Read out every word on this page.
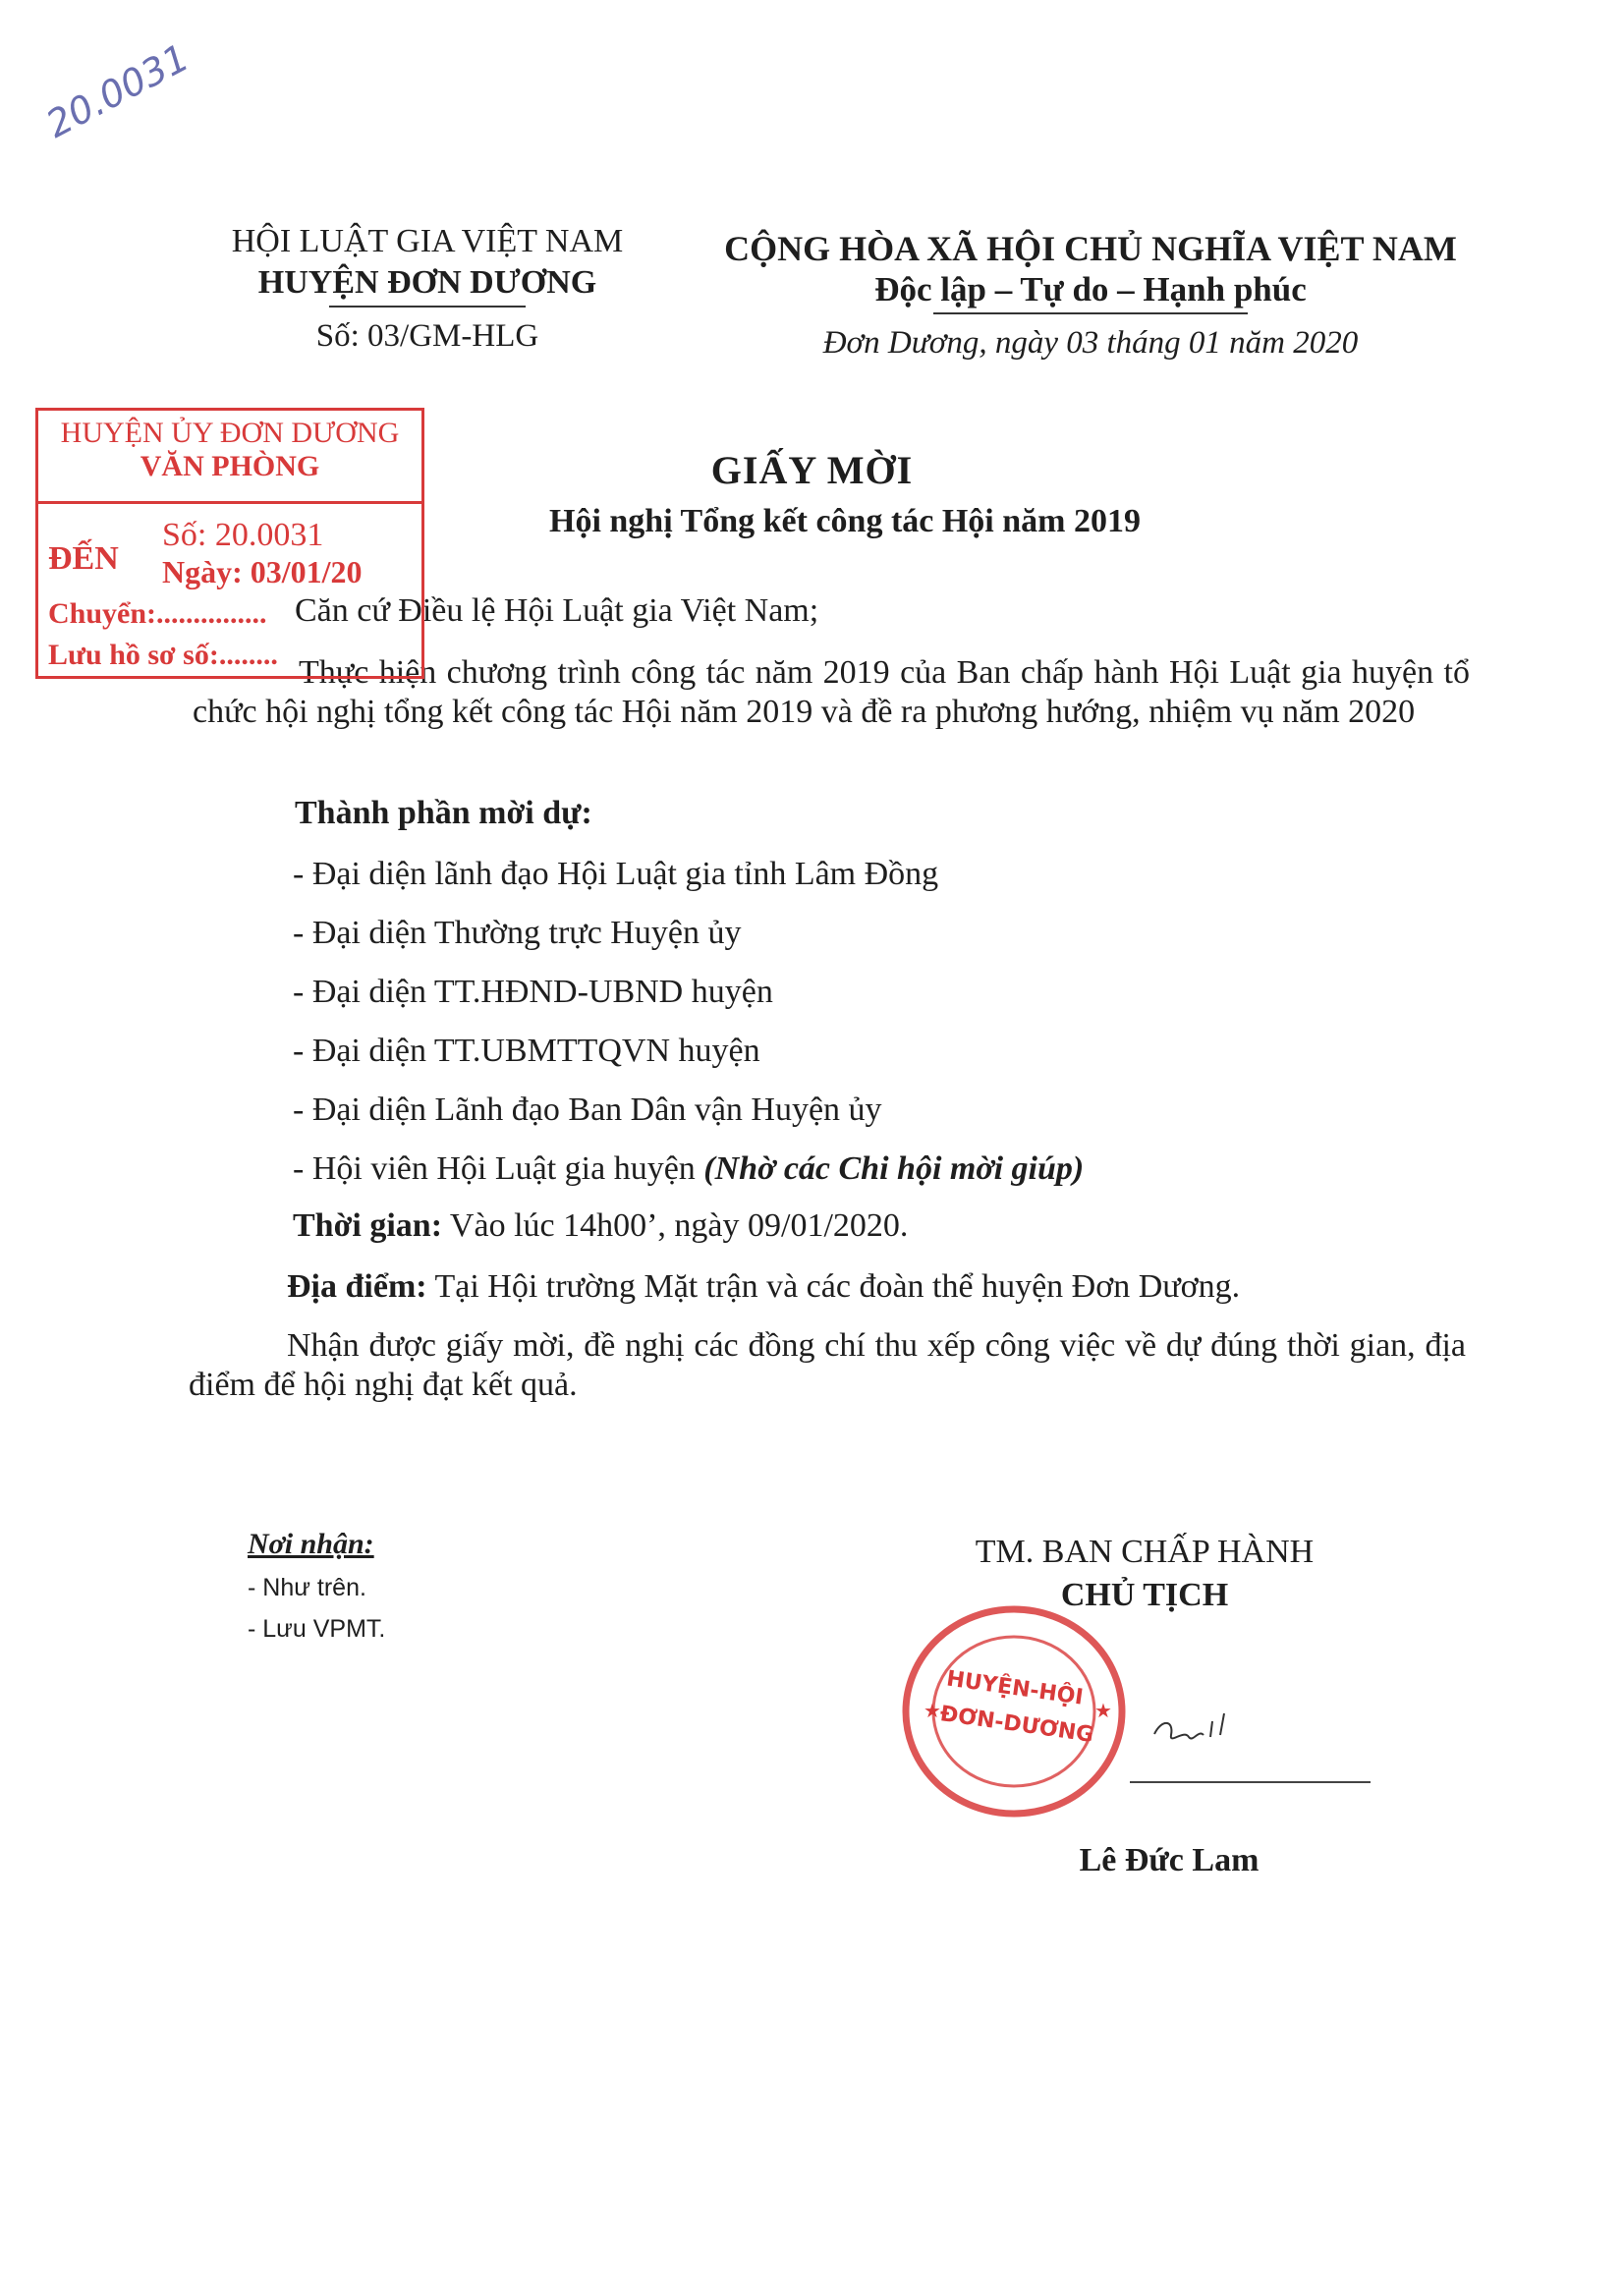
20.0031
HỘI LUẬT GIA VIỆT NAM
HUYỆN ĐƠN DƯƠNG
Số: 03/GM-HLG
CỘNG HÒA XÃ HỘI CHỦ NGHĨA VIỆT NAM
Độc lập – Tự do – Hạnh phúc
Đơn Dương, ngày 03 tháng 01 năm 2020
GIẤY MỜI
Hội nghị Tổng kết công tác Hội năm 2019
Căn cứ Điều lệ Hội Luật gia Việt Nam;
Thực hiện chương trình công tác năm 2019 của Ban chấp hành Hội Luật gia huyện tổ chức hội nghị tổng kết công tác Hội năm 2019 và đề ra phương hướng, nhiệm vụ năm 2020
Thành phần mời dự:
- Đại diện lãnh đạo Hội Luật gia tỉnh Lâm Đồng
- Đại diện Thường trực Huyện ủy
- Đại diện TT.HĐND-UBND huyện
- Đại diện TT.UBMTTQVN huyện
- Đại diện Lãnh đạo Ban Dân vận Huyện ủy
- Hội viên Hội Luật gia huyện (Nhờ các Chi hội mời giúp)
Thời gian: Vào lúc 14h00’, ngày 09/01/2020.
Địa điểm: Tại Hội trường Mặt trận và các đoàn thể huyện Đơn Dương.
Nhận được giấy mời, đề nghị các đồng chí thu xếp công việc về dự đúng thời gian, địa điểm để hội nghị đạt kết quả.
Nơi nhận:
- Như trên.
- Lưu VPMT.
TM. BAN CHẤP HÀNH
CHỦ TỊCH
HUYỆN-HỘI
ĐƠN-DƯƠNG
★	★
Lê Đức Lam
HUYỆN ỦY ĐƠN DƯƠNG
VĂN PHÒNG
ĐẾN
Số: 20.0031
Ngày: 03/01/20
Chuyển:...............
Lưu hồ sơ số:........
